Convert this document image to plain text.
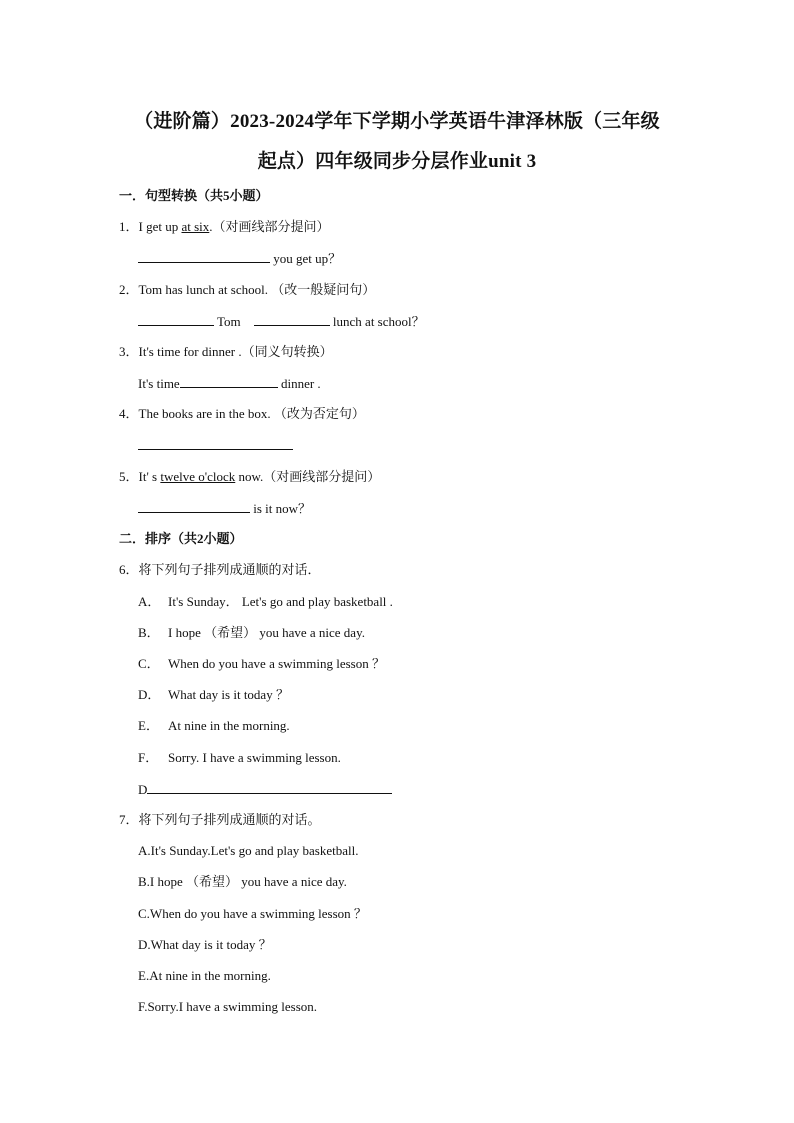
（进阶篇）2023-2024学年下学期小学英语牛津泽林版（三年级
起点）四年级同步分层作业unit 3
一．句型转换（共5小题）
1．I get up at six.（对画线部分提问）
you get up？
2．Tom has lunch at school. （改一般疑问句）
Tom	lunch at school？
3．It's time for dinner .（同义句转换）
It's time	dinner .
4．The books are in the box. （改为否定句）
5．It' s twelve o'clock now.（对画线部分提问）
is it now？
二．排序（共2小题）
6．将下列句子排列成通顺的对话．
A． It's Sunday． Let's go and play basketball .
B． I hope （希望） you have a nice day.
C． When do you have a swimming lesson ？
D． What day is it today ？
E． At nine in the morning.
F． Sorry. I have a swimming lesson.
D
7．将下列句子排列成通顺的对话。
A.It's Sunday.Let's go and play basketball.
B.I hope （希望） you have a nice day.
C.When do you have a swimming lesson ？
D.What day is it today ？
E.At nine in the morning.
F.Sorry.I have a swimming lesson.
